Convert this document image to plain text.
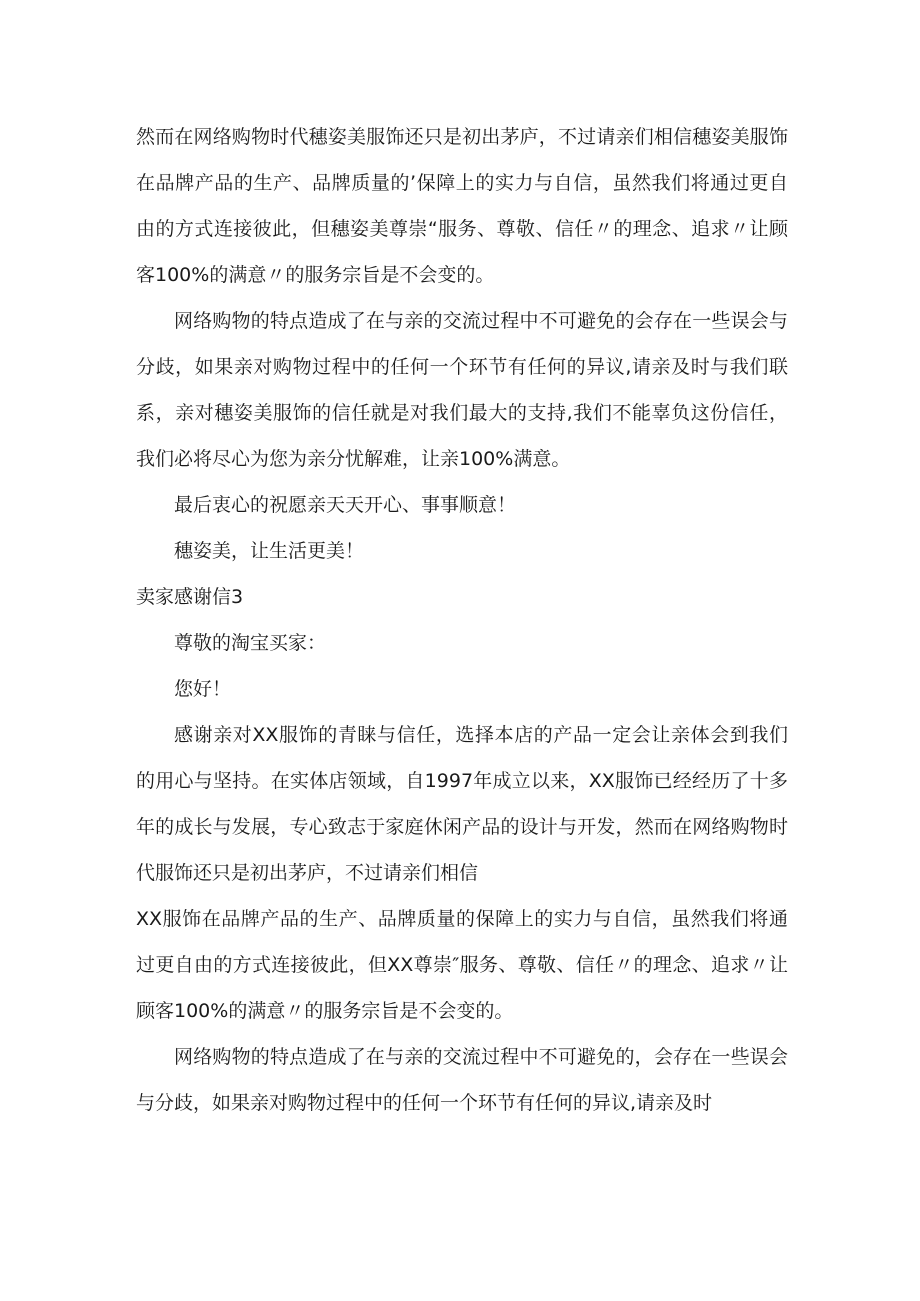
然而在网络购物时代穗姿美服饰还只是初出茅庐，不过请亲们相信穗姿美服饰在品牌产品的生产、品牌质量的’保障上的实力与自信，虽然我们将通过更自由的方式连接彼此，但穗姿美尊崇“服务、尊敬、信任〃的理念、追求〃让顾客100%的满意〃的服务宗旨是不会变的。

网络购物的特点造成了在与亲的交流过程中不可避免的会存在一些误会与分歧，如果亲对购物过程中的任何一个环节有任何的异议,请亲及时与我们联系，亲对穗姿美服饰的信任就是对我们最大的支持,我们不能辜负这份信任，我们必将尽心为您为亲分忧解难，让亲100%满意。

最后衷心的祝愿亲天天开心、事事顺意！

穗姿美，让生活更美！

卖家感谢信3

尊敬的淘宝买家：

您好！

感谢亲对XX服饰的青睐与信任，选择本店的产品一定会让亲体会到我们的用心与坚持。在实体店领域，自1997年成立以来，XX服饰已经经历了十多年的成长与发展，专心致志于家庭休闲产品的设计与开发，然而在网络购物时代服饰还只是初出茅庐，不过请亲们相信

XX服饰在品牌产品的生产、品牌质量的保障上的实力与自信，虽然我们将通过更自由的方式连接彼此，但XX尊崇″服务、尊敬、信任〃的理念、追求〃让顾客100%的满意〃的服务宗旨是不会变的。

网络购物的特点造成了在与亲的交流过程中不可避免的，会存在一些误会与分歧，如果亲对购物过程中的任何一个环节有任何的异议,请亲及时
